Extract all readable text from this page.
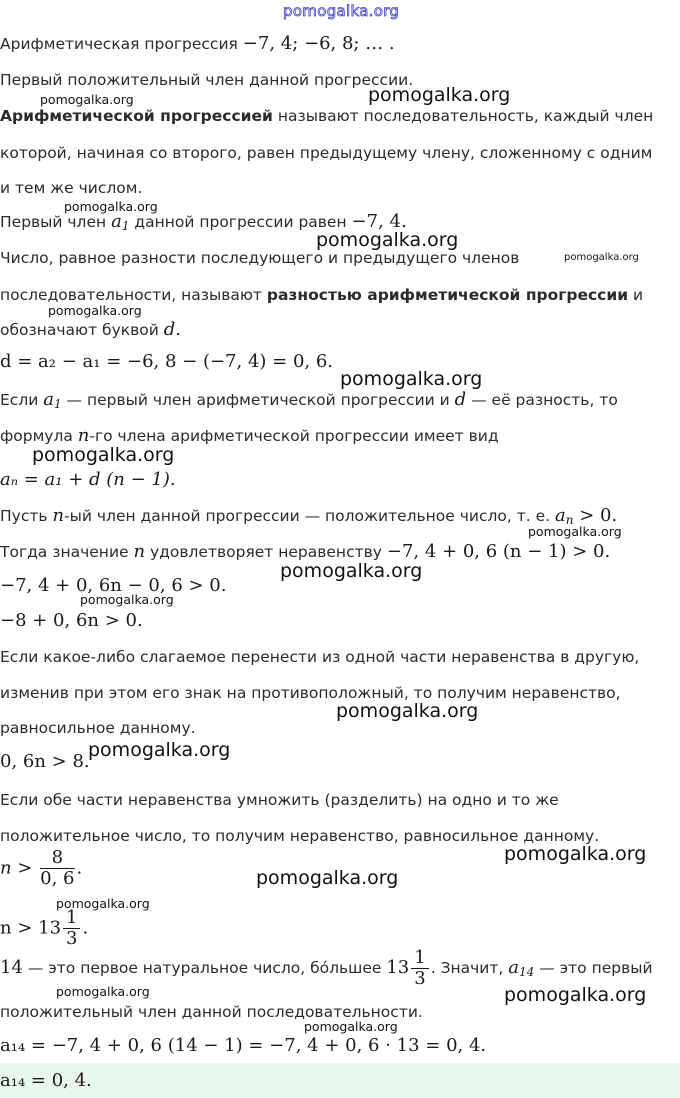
pomogalka.org
Арифметическая прогрессия −7, 4; −6, 8; … .
Первый положительный член данной прогрессии.
Арифметической прогрессией называют последовательность, каждый член
которой, начиная со второго, равен предыдущему члену, сложенному с одним
и тем же числом.
Первый член $a_1$ данной прогрессии равен −7, 4.
Число, равное разности последующего и предыдущего членов
последовательности, называют разностью арифметической прогрессии и
обозначают буквой d.
d = a₂ − a₁ = −6, 8 − (−7, 4) = 0, 6.
Если $a_1$ — первый член арифметической прогрессии и d — её разность, то
формула n-го члена арифметической прогрессии имеет вид
aₙ = a₁ + d (n − 1).
Пусть n-ый член данной прогрессии — положительное число, т. е. $a_n > 0$.
Тогда значение n удовлетворяет неравенству −7, 4 + 0, 6 (n − 1) > 0.
−7, 4 + 0, 6n − 0, 6 > 0.
−8 + 0, 6n > 0.
Если какое-либо слагаемое перенести из одной части неравенства в другую,
изменив при этом его знак на противоположный, то получим неравенство,
равносильное данному.
0, 6n > 8.
Если обе части неравенства умножить (разделить) на одно и то же
положительное число, то получим неравенство, равносильное данному.
$n > \frac{8}{0, 6}$ .
$n > 13 \frac{1}{3}$ .
14 — это первое натуральное число, бо́льшее $13 \frac{1}{3}$ . Значит, $a_{14}$ — это первый
положительный член данной последовательности.
a₁₄ = −7, 4 + 0, 6 (14 − 1) = −7, 4 + 0, 6 · 13 = 0, 4.
a₁₄ = 0, 4.
pomogalka.org
pomogalka.org
pomogalka.org
pomogalka.org
pomogalka.org
pomogalka.org
pomogalka.org
pomogalka.org
pomogalka.org
pomogalka.org
pomogalka.org
pomogalka.org
pomogalka.org
pomogalka.org
pomogalka.org
pomogalka.org
pomogalka.org	pomogalka.org
pomogalka.org
